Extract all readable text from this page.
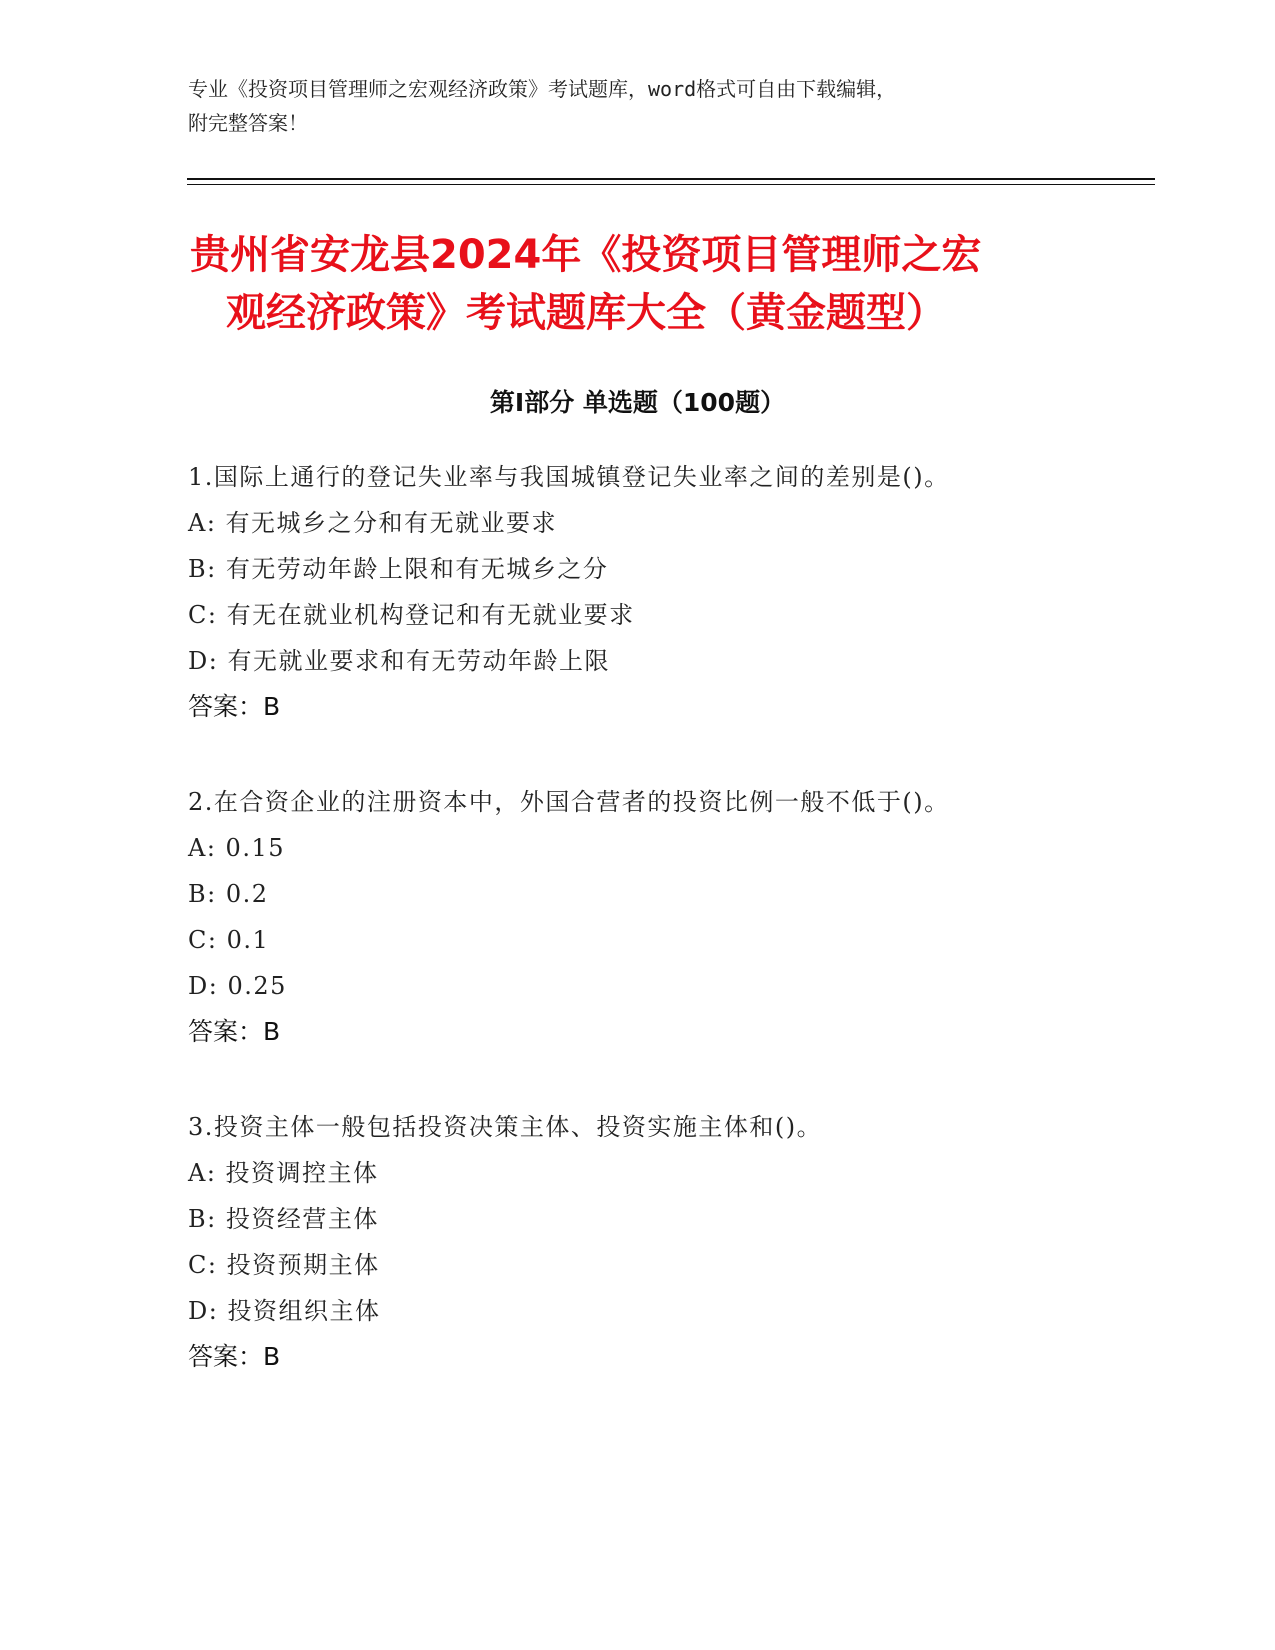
专业《投资项目管理师之宏观经济政策》考试题库，word格式可自由下载编辑，
附完整答案！
贵州省安龙县2024年《投资项目管理师之宏
观经济政策》考试题库大全（黄金题型）
第I部分 单选题（100题）
1.国际上通行的登记失业率与我国城镇登记失业率之间的差别是()。
A: 有无城乡之分和有无就业要求
B: 有无劳动年龄上限和有无城乡之分
C: 有无在就业机构登记和有无就业要求
D: 有无就业要求和有无劳动年龄上限
答案：B
2.在合资企业的注册资本中，外国合营者的投资比例一般不低于()。
A: 0.15
B: 0.2
C: 0.1
D: 0.25
答案：B
3.投资主体一般包括投资决策主体、投资实施主体和()。
A: 投资调控主体
B: 投资经营主体
C: 投资预期主体
D: 投资组织主体
答案：B
